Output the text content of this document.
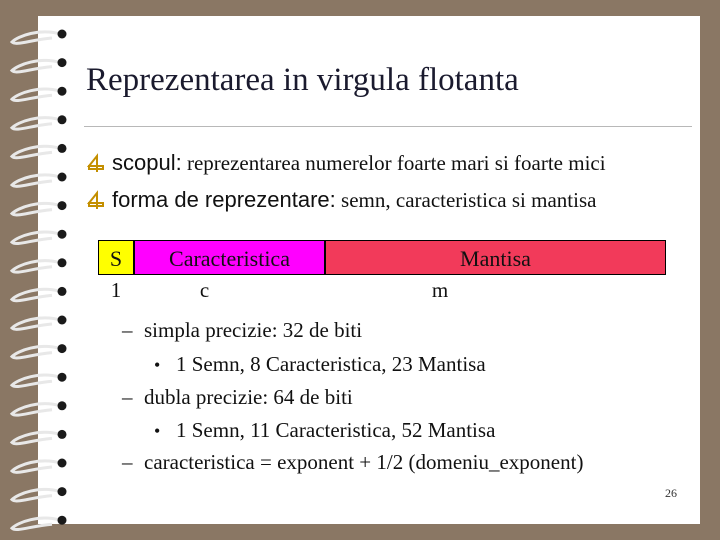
Reprezentarea in virgula flotanta
scopul: reprezentarea numerelor foarte mari si foarte mici
forma de reprezentare: semn, caracteristica si mantisa
S	Caracteristica	Mantisa
1	c	m
– simpla precizie: 32 de biti
• 1 Semn, 8 Caracteristica, 23 Mantisa
– dubla precizie: 64 de biti
• 1 Semn, 11 Caracteristica, 52 Mantisa
– caracteristica = exponent + 1/2 (domeniu_exponent)
26
